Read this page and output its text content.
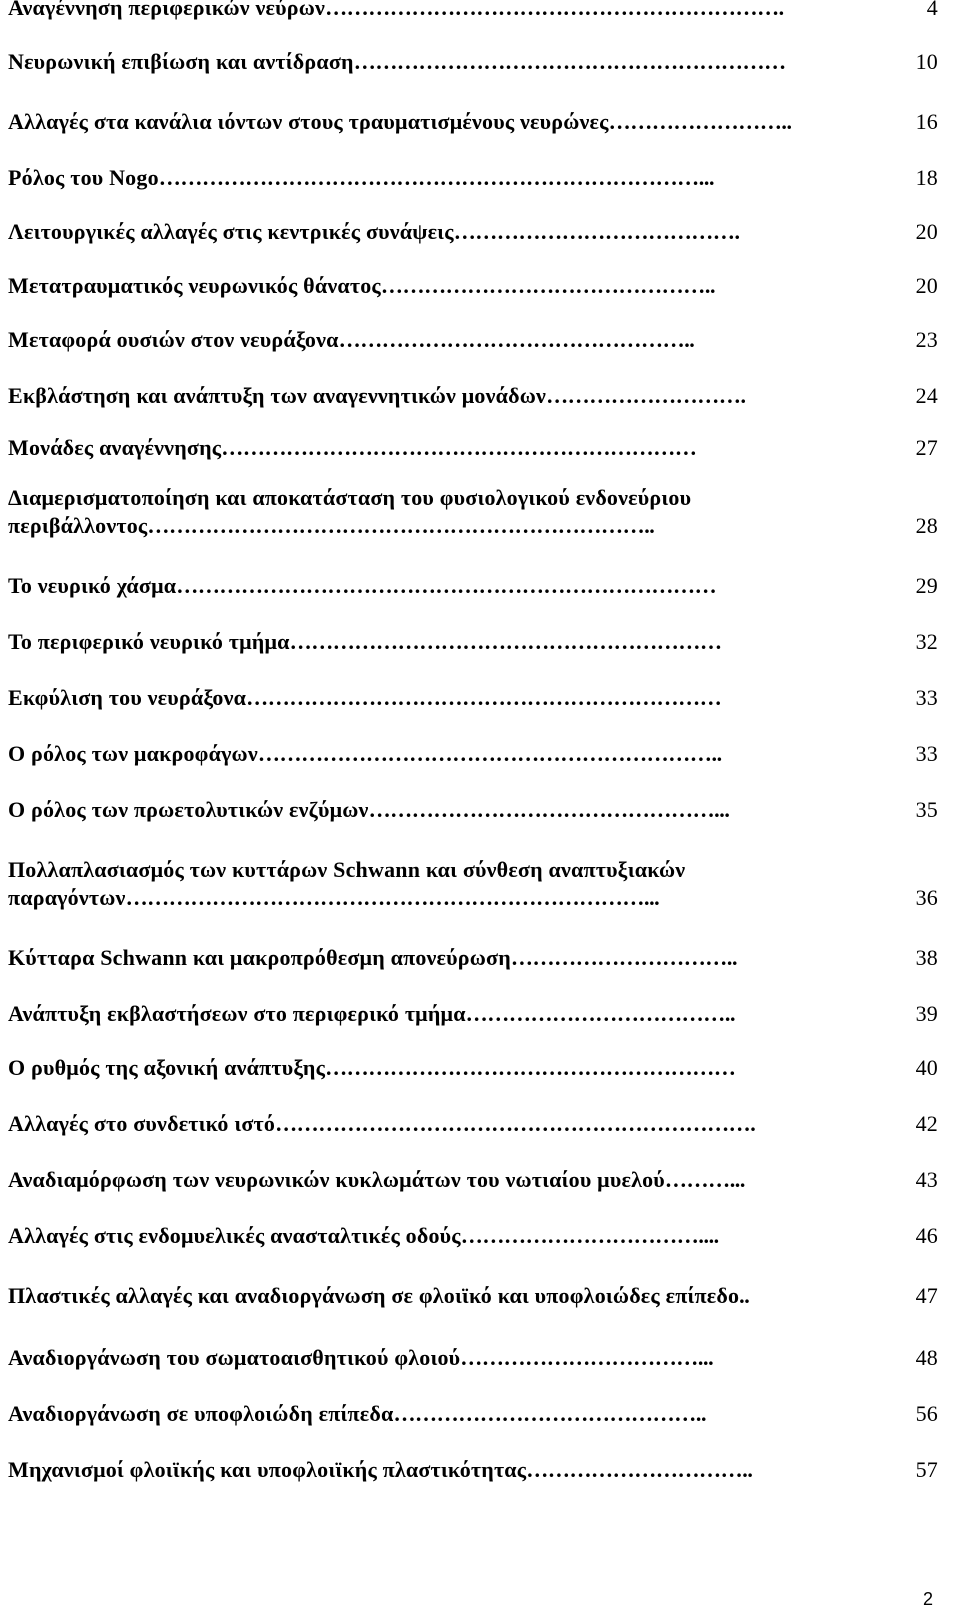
Αναγέννηση περιφερικών νεύρων ……………………………………………………….	4
Νευρωνική επιβίωση και αντίδραση ……………………………………………………	10
Αλλαγές στα κανάλια ιόντων στους τραυματισμένους νευρώνες ……………………..	16
Ρόλος του Nogo …………………………………………………………………...	18
Λειτουργικές αλλαγές στις κεντρικές συνάψεις ………………………………….	20
Μετατραυματικός νευρωνικός θάνατος ………………………………………..	20
Μεταφορά ουσιών στον νευράξονα …………………………………………..	23
Εκβλάστηση και ανάπτυξη των αναγεννητικών μονάδων ……………………….	24
Μονάδες αναγέννησης …………………………………………………………	27
Διαμερισματοποίηση και αποκατάσταση του φυσιολογικού ενδονεύριου
περιβάλλοντος ……………………………………………………………..	28
Το νευρικό χάσμα …………………………………………………………………	29
Το περιφερικό νευρικό τμήμα ……………………………………………………	32
Εκφύλιση του νευράξονα …………………………………………………………	33
Ο ρόλος των μακροφάγων ………………………………………………………..	33
Ο ρόλος των πρωετολυτικών ενζύμων …………………………………………...	35
Πολλαπλασιασμός των κυττάρων Schwann και σύνθεση αναπτυξιακών
παραγόντων ………………………………………………………………...	36
Κύτταρα Schwann και μακροπρόθεσμη απονεύρωση …………………………..	38
Ανάπτυξη εκβλαστήσεων στο περιφερικό τμήμα ………………………………..	39
Ο ρυθμός της αξονική ανάπτυξης …………………………………………………	40
Αλλαγές στο συνδετικό ιστό ………………………………………………………….	42
Αναδιαμόρφωση των νευρωνικών κυκλωμάτων του νωτιαίου μυελού ………...	43
Αλλαγές στις ενδομυελικές ανασταλτικές οδούς ……………………………....	46
Πλαστικές αλλαγές και αναδιοργάνωση σε φλοιϊκό και υποφλοιώδες επίπεδο ..	47
Αναδιοργάνωση του σωματοαισθητικού φλοιού ……………………………...	48
Αναδιοργάνωση σε υποφλοιώδη επίπεδα ……………………………………..	56
Μηχανισμοί φλοιϊκής και υποφλοιϊκής πλαστικότητας …………………………..	57
2
